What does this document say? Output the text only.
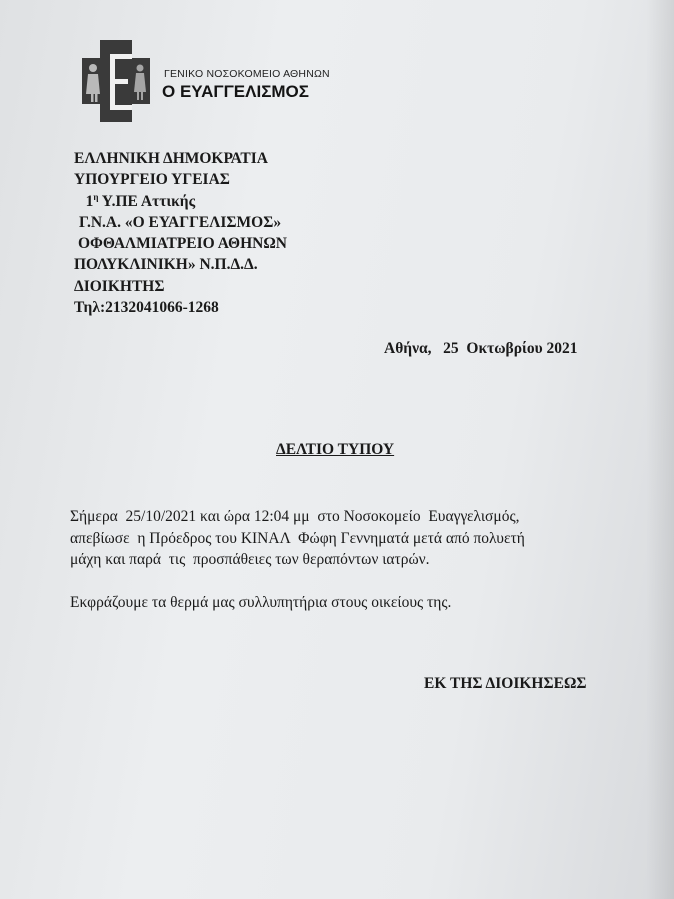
ΓΕΝΙΚΟ ΝΟΣΟΚΟΜΕΙΟ ΑΘΗΝΩΝ
Ο ΕΥΑΓΓΕΛΙΣΜΟΣ
ΕΛΛΗΝΙΚΗ ΔΗΜΟΚΡΑΤΙΑ
ΥΠΟΥΡΓΕΙΟ ΥΓΕΙΑΣ
$1^\eta$ Υ.ΠΕ Αττικής
Γ.Ν.Α. «Ο ΕΥΑΓΓΕΛΙΣΜΟΣ»
ΟΦΘΑΛΜΙΑΤΡΕΙΟ ΑΘΗΝΩΝ
ΠΟΛΥΚΛΙΝΙΚΗ» Ν.Π.Δ.Δ.
ΔΙΟΙΚΗΤΗΣ
Τηλ:2132041066-1268
Αθήνα,   25  Οκτωβρίου 2021
ΔΕΛΤΙΟ ΤΥΠΟΥ

Σήμερα  25/10/2021 και ώρα 12:04 μμ  στο Νοσοκομείο  Ευαγγελισμός,

απεβίωσε  η Πρόεδρος του ΚΙΝΑΛ  Φώφη Γεννηματά μετά από πολυετή

μάχη και παρά  τις  προσπάθειες των θεραπόντων ιατρών.

Εκφράζουμε τα θερμά μας συλλυπητήρια στους οικείους της.

ΕΚ ΤΗΣ ΔΙΟΙΚΗΣΕΩΣ
